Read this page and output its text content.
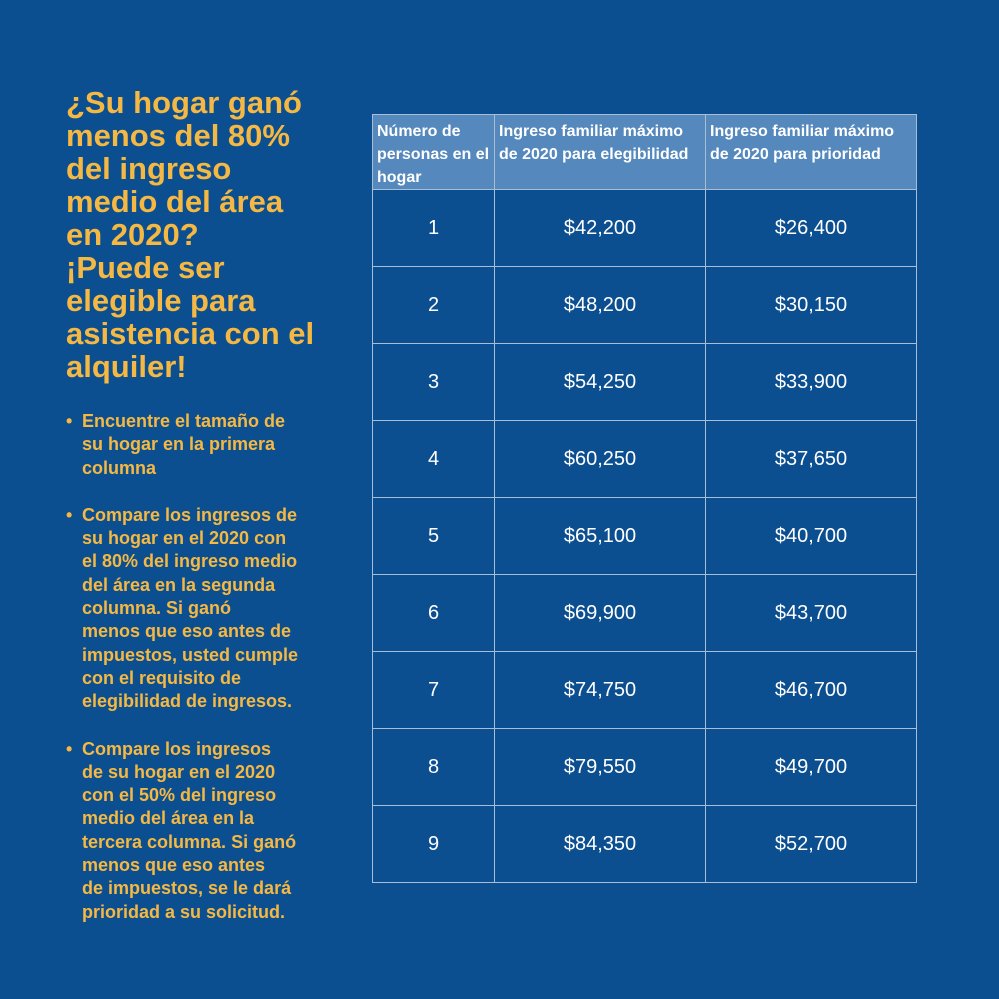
¿Su hogar ganó
menos del 80%
del ingreso
medio del área
en 2020?
¡Puede ser
elegible para
asistencia con el
alquiler!
• Encuentre el tamaño de
su hogar en la primera
columna
• Compare los ingresos de
su hogar en el 2020 con
el 80% del ingreso medio
del área en la segunda
columna. Si ganó
menos que eso antes de
impuestos, usted cumple
con el requisito de
elegibilidad de ingresos.
• Compare los ingresos
de su hogar en el 2020
con el 50% del ingreso
medio del área en la
tercera columna. Si ganó
menos que eso antes
de impuestos, se le dará
prioridad a su solicitud.
Número de personas en el hogar	Ingreso familiar máximo de 2020 para elegibilidad	Ingreso familiar máximo de 2020 para prioridad
1	$42,200	$26,400
2	$48,200	$30,150
3	$54,250	$33,900
4	$60,250	$37,650
5	$65,100	$40,700
6	$69,900	$43,700
7	$74,750	$46,700
8	$79,550	$49,700
9	$84,350	$52,700
